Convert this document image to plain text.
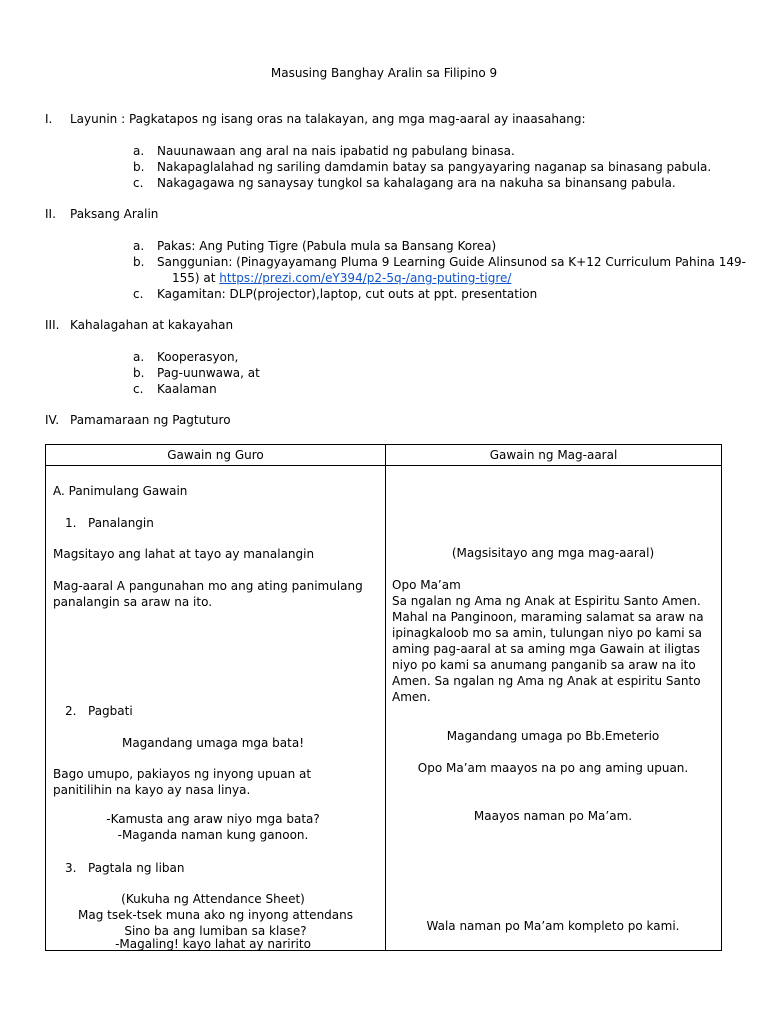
Masusing Banghay Aralin sa Filipino 9
I. Layunin : Pagkatapos ng isang oras na talakayan, ang mga mag-aaral ay inaasahang:
a. Nauunawaan ang aral na nais ipabatid ng pabulang binasa.
b. Nakapaglalahad ng sariling damdamin batay sa pangyayaring naganap sa binasang pabula.
c. Nakagagawa ng sanaysay tungkol sa kahalagang ara na nakuha sa binansang pabula.
II. Paksang Aralin
a. Pakas: Ang Puting Tigre (Pabula mula sa Bansang Korea)
b. Sanggunian: (Pinagyayamang Pluma 9 Learning Guide Alinsunod sa K+12 Curriculum Pahina 149-
155) at https://prezi.com/eY394/p2-5q-/ang-puting-tigre/
c. Kagamitan: DLP(projector),laptop, cut outs at ppt. presentation
III. Kahalagahan at kakayahan
a. Kooperasyon,
b. Pag-uunwawa, at
c. Kaalaman
IV. Pamamaraan ng Pagtuturo
Gawain ng Guro	Gawain ng Mag-aaral
A. Panimulang Gawain
1. Panalangin
Magsitayo ang lahat at tayo ay manalangin
Mag-aaral A pangunahan mo ang ating panimulang panalangin sa araw na ito.
2. Pagbati
Magandang umaga mga bata!
Bago umupo, pakiayos ng inyong upuan at panitilihin na kayo ay nasa linya.
-Kamusta ang araw niyo mga bata?
-Maganda naman kung ganoon.
3. Pagtala ng liban
(Kukuha ng Attendance Sheet)
Mag tsek-tsek muna ako ng inyong attendans Sino ba ang lumiban sa klase?
-Magaling! kayo lahat ay naririto
(Magsisitayo ang mga mag-aaral)
Opo Ma’am
Sa ngalan ng Ama ng Anak at Espiritu Santo Amen. Mahal na Panginoon, maraming salamat sa araw na ipinagkaloob mo sa amin, tulungan niyo po kami sa aming pag-aaral at sa aming mga Gawain at iligtas niyo po kami sa anumang panganib sa araw na ito Amen. Sa ngalan ng Ama ng Anak at espiritu Santo Amen.
Magandang umaga po Bb.Emeterio
Opo Ma’am maayos na po ang aming upuan.
Maayos naman po Ma’am.
Wala naman po Ma’am kompleto po kami.
